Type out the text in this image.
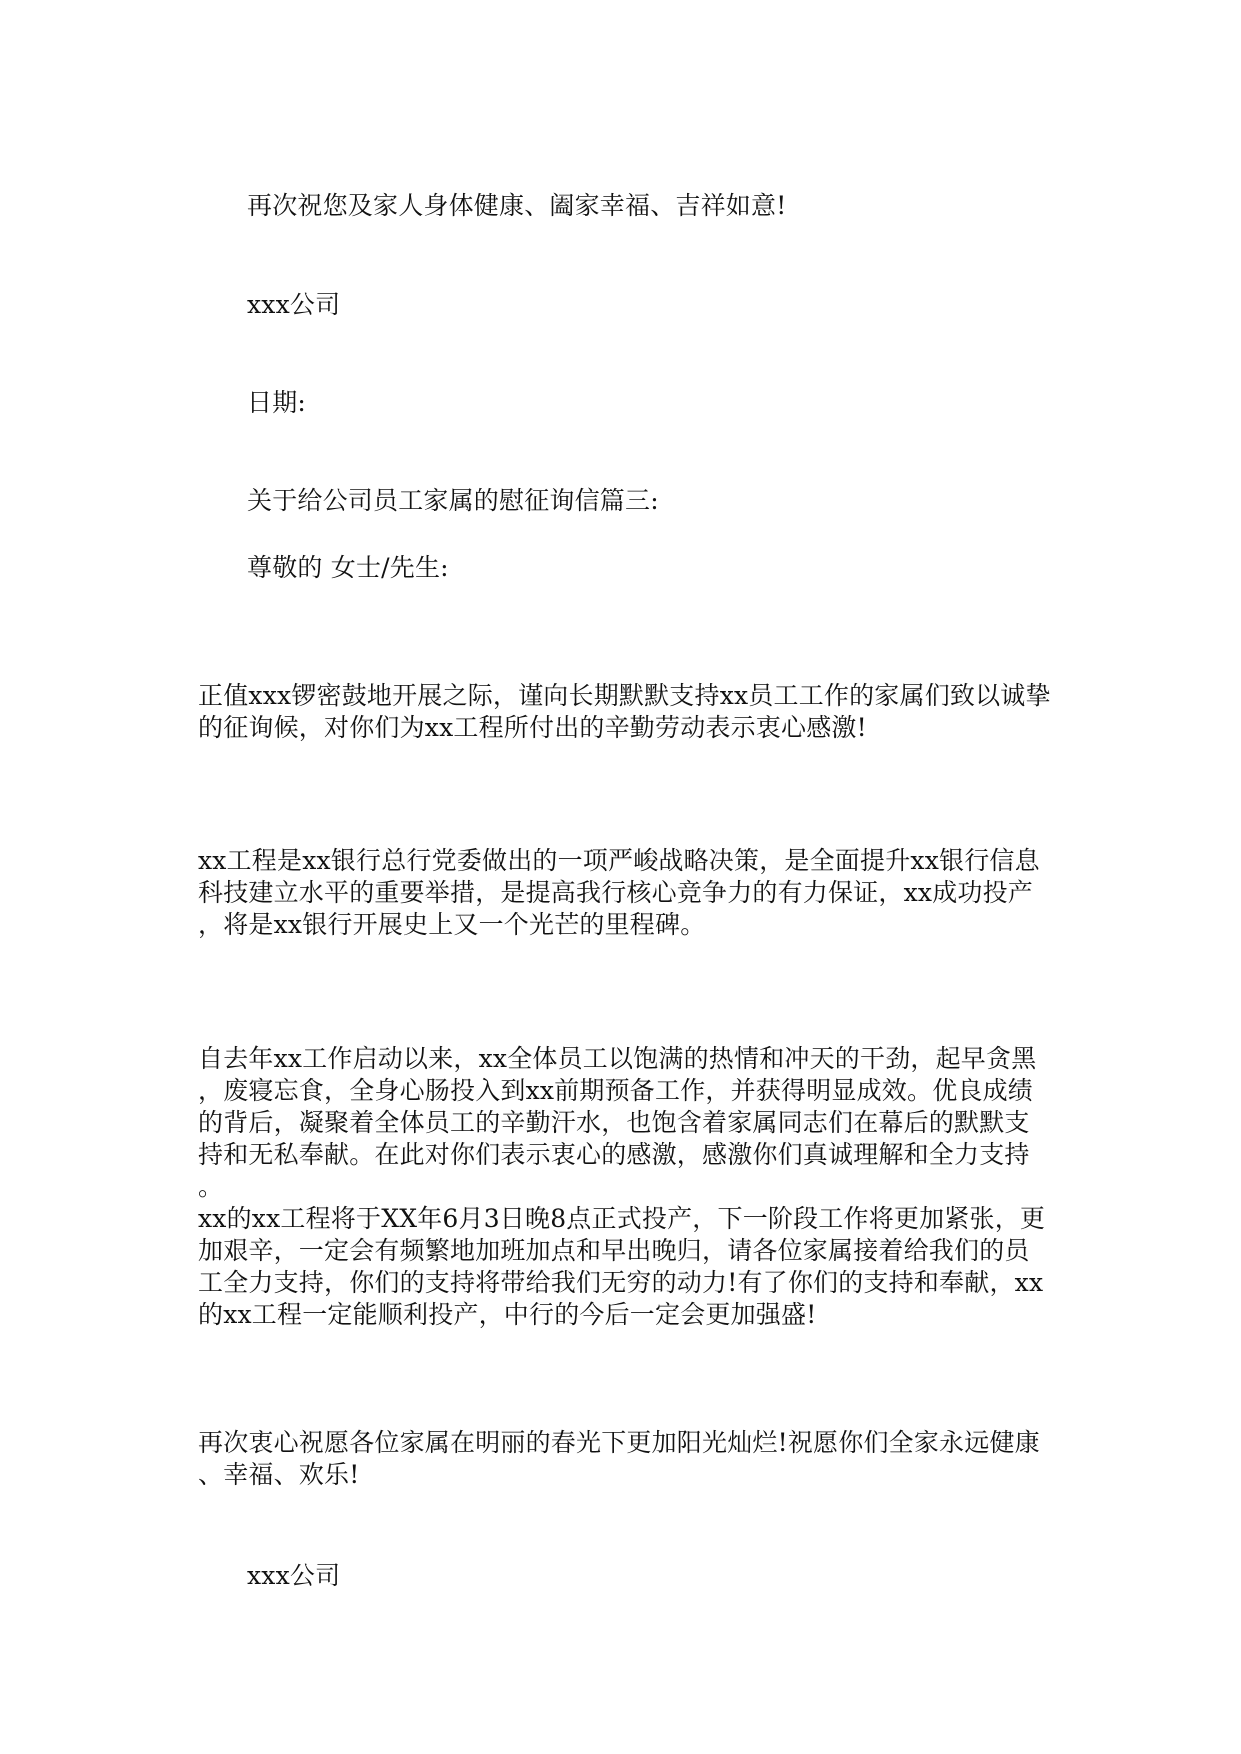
再次祝您及家人身体健康、阖家幸福、吉祥如意!
xxx公司
日期:
关于给公司员工家属的慰征询信篇三:
尊敬的 女士/先生:
正值xxx锣密鼓地开展之际，谨向长期默默支持xx员工工作的家属们致以诚挚
的征询候，对你们为xx工程所付出的辛勤劳动表示衷心感激!
xx工程是xx银行总行党委做出的一项严峻战略决策，是全面提升xx银行信息
科技建立水平的重要举措，是提高我行核心竞争力的有力保证，xx成功投产
，将是xx银行开展史上又一个光芒的里程碑。
自去年xx工作启动以来，xx全体员工以饱满的热情和冲天的干劲，起早贪黑
，废寝忘食，全身心肠投入到xx前期预备工作，并获得明显成效。优良成绩
的背后，凝聚着全体员工的辛勤汗水，也饱含着家属同志们在幕后的默默支
持和无私奉献。在此对你们表示衷心的感激，感激你们真诚理解和全力支持
。
xx的xx工程将于XX年6月3日晚8点正式投产，下一阶段工作将更加紧张，更
加艰辛，一定会有频繁地加班加点和早出晚归，请各位家属接着给我们的员
工全力支持，你们的支持将带给我们无穷的动力!有了你们的支持和奉献，xx
的xx工程一定能顺利投产，中行的今后一定会更加强盛!
再次衷心祝愿各位家属在明丽的春光下更加阳光灿烂!祝愿你们全家永远健康
、幸福、欢乐!
xxx公司
